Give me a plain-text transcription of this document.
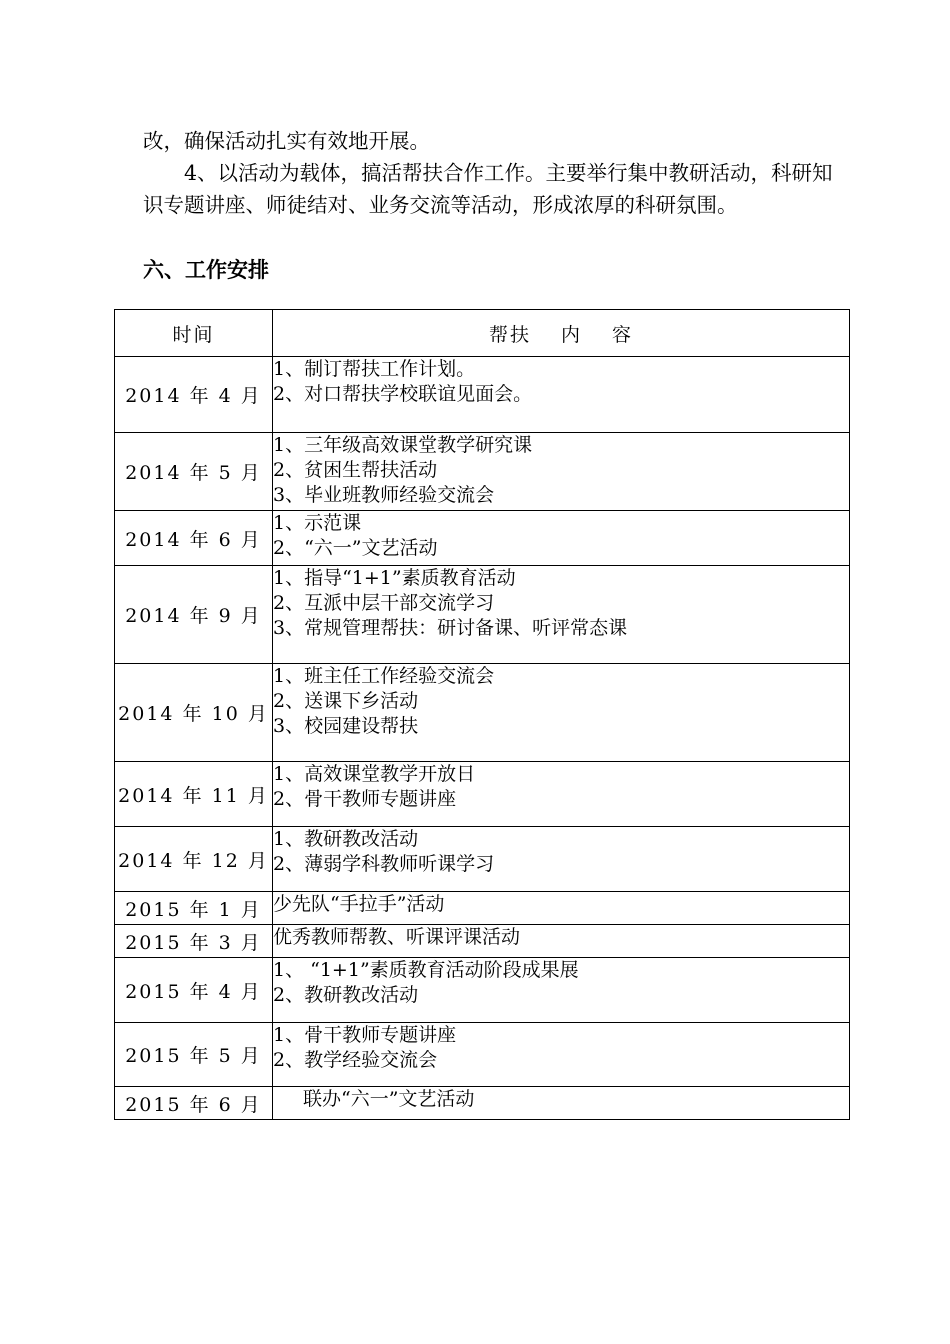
改，确保活动扎实有效地开展。

4、以活动为载体，搞活帮扶合作工作。主要举行集中教研活动，科研知识专题讲座、师徒结对、业务交流等活动，形成浓厚的科研氛围。

六、工作安排
时间	帮扶 内 容
2014 年 4 月	1、制订帮扶工作计划。
2、对口帮扶学校联谊见面会。

2014 年 5 月	1、三年级高效课堂教学研究课
2、贫困生帮扶活动
3、毕业班教师经验交流会

2014 年 6 月	1、示范课
2、“六一”文艺活动

2014 年 9 月	1、指导“1+1”素质教育活动
2、互派中层干部交流学习
3、常规管理帮扶：研讨备课、听评常态课

2014 年 10 月	1、班主任工作经验交流会
2、送课下乡活动
3、校园建设帮扶

2014 年 11 月	1、高效课堂教学开放日
2、骨干教师专题讲座

2014 年 12 月	1、教研教改活动
2、薄弱学科教师听课学习

2015 年 1 月	少先队“手拉手”活动

2015 年 3 月	优秀教师帮教、听课评课活动

2015 年 4 月	1、 “1+1”素质教育活动阶段成果展
2、教研教改活动

2015 年 5 月	1、骨干教师专题讲座
2、教学经验交流会

2015 年 6 月	联办“六一”文艺活动
